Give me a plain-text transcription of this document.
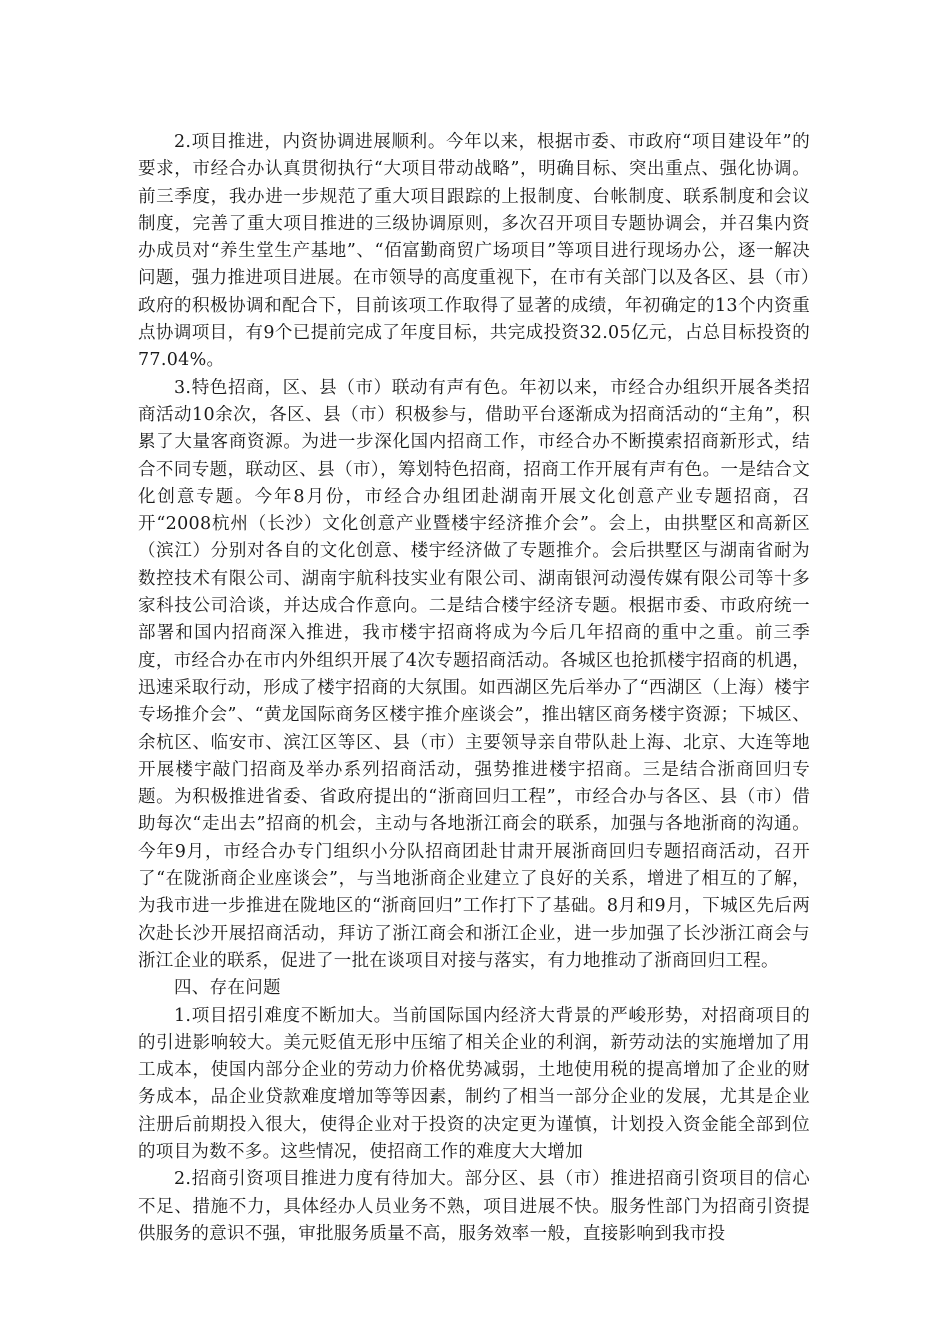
2.项目推进，内资协调进展顺利。今年以来，根据市委、市政府“项目建设年”的要求，市经合办认真贯彻执行“大项目带动战略”，明确目标、突出重点、强化协调。前三季度，我办进一步规范了重大项目跟踪的上报制度、台帐制度、联系制度和会议制度，完善了重大项目推进的三级协调原则，多次召开项目专题协调会，并召集内资办成员对“养生堂生产基地”、“佰富勤商贸广场项目”等项目进行现场办公，逐一解决问题，强力推进项目进展。在市领导的高度重视下，在市有关部门以及各区、县（市）政府的积极协调和配合下，目前该项工作取得了显著的成绩，年初确定的13个内资重点协调项目，有9个已提前完成了年度目标，共完成投资32.05亿元，占总目标投资的77.04%。

3.特色招商，区、县（市）联动有声有色。年初以来，市经合办组织开展各类招商活动10余次，各区、县（市）积极参与，借助平台逐渐成为招商活动的“主角”，积累了大量客商资源。为进一步深化国内招商工作，市经合办不断摸索招商新形式，结合不同专题，联动区、县（市），筹划特色招商，招商工作开展有声有色。一是结合文化创意专题。今年8月份，市经合办组团赴湖南开展文化创意产业专题招商，召开“2008杭州（长沙）文化创意产业暨楼宇经济推介会”。会上，由拱墅区和高新区（滨江）分别对各自的文化创意、楼宇经济做了专题推介。会后拱墅区与湖南省耐为数控技术有限公司、湖南宇航科技实业有限公司、湖南银河动漫传媒有限公司等十多家科技公司洽谈，并达成合作意向。二是结合楼宇经济专题。根据市委、市政府统一部署和国内招商深入推进，我市楼宇招商将成为今后几年招商的重中之重。前三季度，市经合办在市内外组织开展了4次专题招商活动。各城区也抢抓楼宇招商的机遇，迅速采取行动，形成了楼宇招商的大氛围。如西湖区先后举办了“西湖区（上海）楼宇专场推介会”、“黄龙国际商务区楼宇推介座谈会”，推出辖区商务楼宇资源；下城区、余杭区、临安市、滨江区等区、县（市）主要领导亲自带队赴上海、北京、大连等地开展楼宇敲门招商及举办系列招商活动，强势推进楼宇招商。三是结合浙商回归专题。为积极推进省委、省政府提出的“浙商回归工程”，市经合办与各区、县（市）借助每次“走出去”招商的机会，主动与各地浙江商会的联系，加强与各地浙商的沟通。今年9月，市经合办专门组织小分队招商团赴甘肃开展浙商回归专题招商活动，召开了“在陇浙商企业座谈会”，与当地浙商企业建立了良好的关系，增进了相互的了解，为我市进一步推进在陇地区的“浙商回归”工作打下了基础。8月和9月，下城区先后两次赴长沙开展招商活动，拜访了浙江商会和浙江企业，进一步加强了长沙浙江商会与浙江企业的联系，促进了一批在谈项目对接与落实，有力地推动了浙商回归工程。

四、存在问题

1.项目招引难度不断加大。当前国际国内经济大背景的严峻形势，对招商项目的的引进影响较大。美元贬值无形中压缩了相关企业的利润，新劳动法的实施增加了用工成本，使国内部分企业的劳动力价格优势减弱，土地使用税的提高增加了企业的财务成本，品企业贷款难度增加等等因素，制约了相当一部分企业的发展，尤其是企业注册后前期投入很大，使得企业对于投资的决定更为谨慎，计划投入资金能全部到位的项目为数不多。这些情况，使招商工作的难度大大增加

2.招商引资项目推进力度有待加大。部分区、县（市）推进招商引资项目的信心不足、措施不力，具体经办人员业务不熟，项目进展不快。服务性部门为招商引资提供服务的意识不强，审批服务质量不高，服务效率一般，直接影响到我市投
